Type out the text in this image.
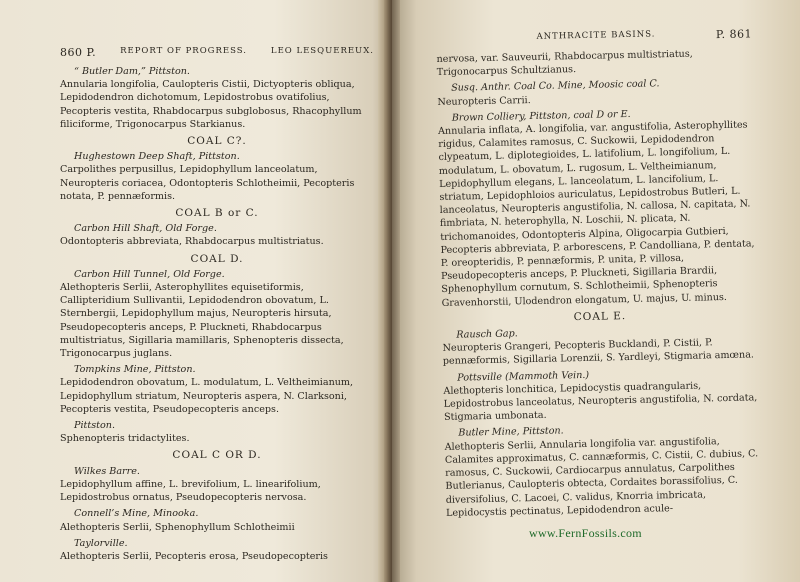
860 P.	REPORT OF PROGRESS.	LEO LESQUEREUX.
“ Butler Dam,” Pittston.
Annularia longifolia, Caulopteris Cistii, Dictyopteris obliqua, Lepidodendron dichotomum, Lepidostrobus ovatifolius, Pecopteris vestita, Rhabdocarpus subglobosus, Rhacophyllum filiciforme, Trigonocarpus Starkianus.
COAL C?.
Hughestown Deep Shaft, Pittston.
Carpolithes perpusillus, Lepidophyllum lanceolatum, Neuropteris coriacea, Odontopteris Schlotheimii, Pecopteris notata, P. pennæformis.
COAL B or C.
Carbon Hill Shaft, Old Forge.
Odontopteris abbreviata, Rhabdocarpus multistriatus.
COAL D.
Carbon Hill Tunnel, Old Forge.
Alethopteris Serlii, Asterophyllites equisetiformis, Callipteridium Sullivantii, Lepidodendron obovatum, L. Sternbergii, Lepidophyllum majus, Neuropteris hirsuta, Pseudopecopteris anceps, P. Pluckneti, Rhabdocarpus multistriatus, Sigillaria mamillaris, Sphenopteris dissecta, Trigonocarpus juglans.
Tompkins Mine, Pittston.
Lepidodendron obovatum, L. modulatum, L. Veltheimianum, Lepidophyllum striatum, Neuropteris aspera, N. Clarksoni, Pecopteris vestita, Pseudopecopteris anceps.
Pittston.
Sphenopteris tridactylites.
COAL C OR D.
Wilkes Barre.
Lepidophyllum affine, L. brevifolium, L. linearifolium, Lepidostrobus ornatus, Pseudopecopteris nervosa.
Connell’s Mine, Minooka.
Alethopteris Serlii, Sphenophyllum Schlotheimii
Taylorville.
Alethopteris Serlii, Pecopteris erosa, Pseudopecopteris
ANTHRACITE BASINS.	P. 861
nervosa, var. Sauveurii, Rhabdocarpus multistriatus, Trigonocarpus Schultzianus.
Susq. Anthr. Coal Co. Mine, Moosic coal C.
Neuropteris Carrii.
Brown Colliery, Pittston, coal D or E.
Annularia inflata, A. longifolia, var. angustifolia, Asterophyllites rigidus, Calamites ramosus, C. Suckowii, Lepidodendron clypeatum, L. diplotegioides, L. latifolium, L. longifolium, L. modulatum, L. obovatum, L. rugosum, L. Veltheimianum, Lepidophyllum elegans, L. lanceolatum, L. lancifolium, L. striatum, Lepidophloios auriculatus, Lepidostrobus Butleri, L. lanceolatus, Neuropteris angustifolia, N. callosa, N. capitata, N. fimbriata, N. heterophylla, N. Loschii, N. plicata, N. trichomanoides, Odontopteris Alpina, Oligocarpia Gutbieri, Pecopteris abbreviata, P. arborescens, P. Candolliana, P. dentata, P. oreopteridis, P. pennæformis, P. unita, P. villosa, Pseudopecopteris anceps, P. Pluckneti, Sigillaria Brardii, Sphenophyllum cornutum, S. Schlotheimii, Sphenopteris Gravenhorstii, Ulodendron elongatum, U. majus, U. minus.
COAL E.
Rausch Gap.
Neuropteris Grangeri, Pecopteris Bucklandi, P. Cistii, P. pennæformis, Sigillaria Lorenzii, S. Yardleyi, Stigmaria amœna.
Pottsville (Mammoth Vein.)
Alethopteris lonchitica, Lepidocystis quadrangularis, Lepidostrobus lanceolatus, Neuropteris angustifolia, N. cordata, Stigmaria umbonata.
Butler Mine, Pittston.
Alethopteris Serlii, Annularia longifolia var. angustifolia, Calamites approximatus, C. cannæformis, C. Cistii, C. dubius, C. ramosus, C. Suckowii, Cardiocarpus annulatus, Carpolithes Butlerianus, Caulopteris obtecta, Cordaites borassifolius, C. diversifolius, C. Lacoei, C. validus, Knorria imbricata, Lepidocystis pectinatus, Lepidodendron acule-
www.FernFossils.com
